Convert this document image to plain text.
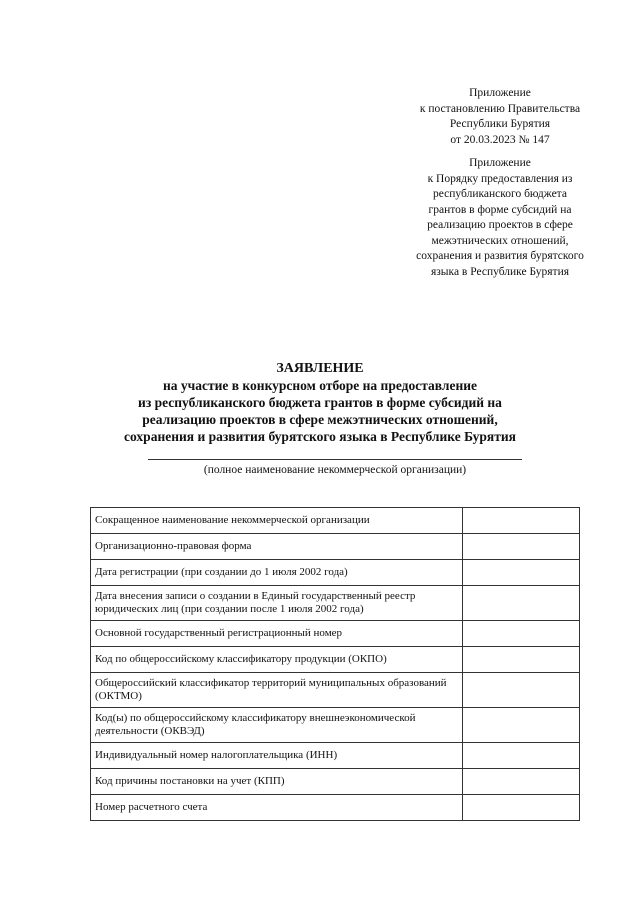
Приложение
к постановлению Правительства
Республики Бурятия
от 20.03.2023 № 147
Приложение
к Порядку предоставления из
республиканского бюджета
грантов в форме субсидий на
реализацию проектов в сфере
межэтнических отношений,
сохранения и развития бурятского
языка в Республике Бурятия
ЗАЯВЛЕНИЕ
на участие в конкурсном отборе на предоставление
из республиканского бюджета грантов в форме субсидий на
реализацию проектов в сфере межэтнических отношений,
сохранения и развития бурятского языка в Республике Бурятия
(полное наименование некоммерческой организации)
Сокращенное наименование некоммерческой организации	
Организационно-правовая форма	
Дата регистрации (при создании до 1 июля 2002 года)	
Дата внесения записи о создании в Единый государственный реестр юридических лиц (при создании после 1 июля 2002 года)	
Основной государственный регистрационный номер	
Код по общероссийскому классификатору продукции (ОКПО)	
Общероссийский классификатор территорий муниципальных образований (ОКТМО)	
Код(ы) по общероссийскому классификатору внешнеэкономической деятельности (ОКВЭД)	
Индивидуальный номер налогоплательщика (ИНН)	
Код причины постановки на учет (КПП)	
Номер расчетного счета	
